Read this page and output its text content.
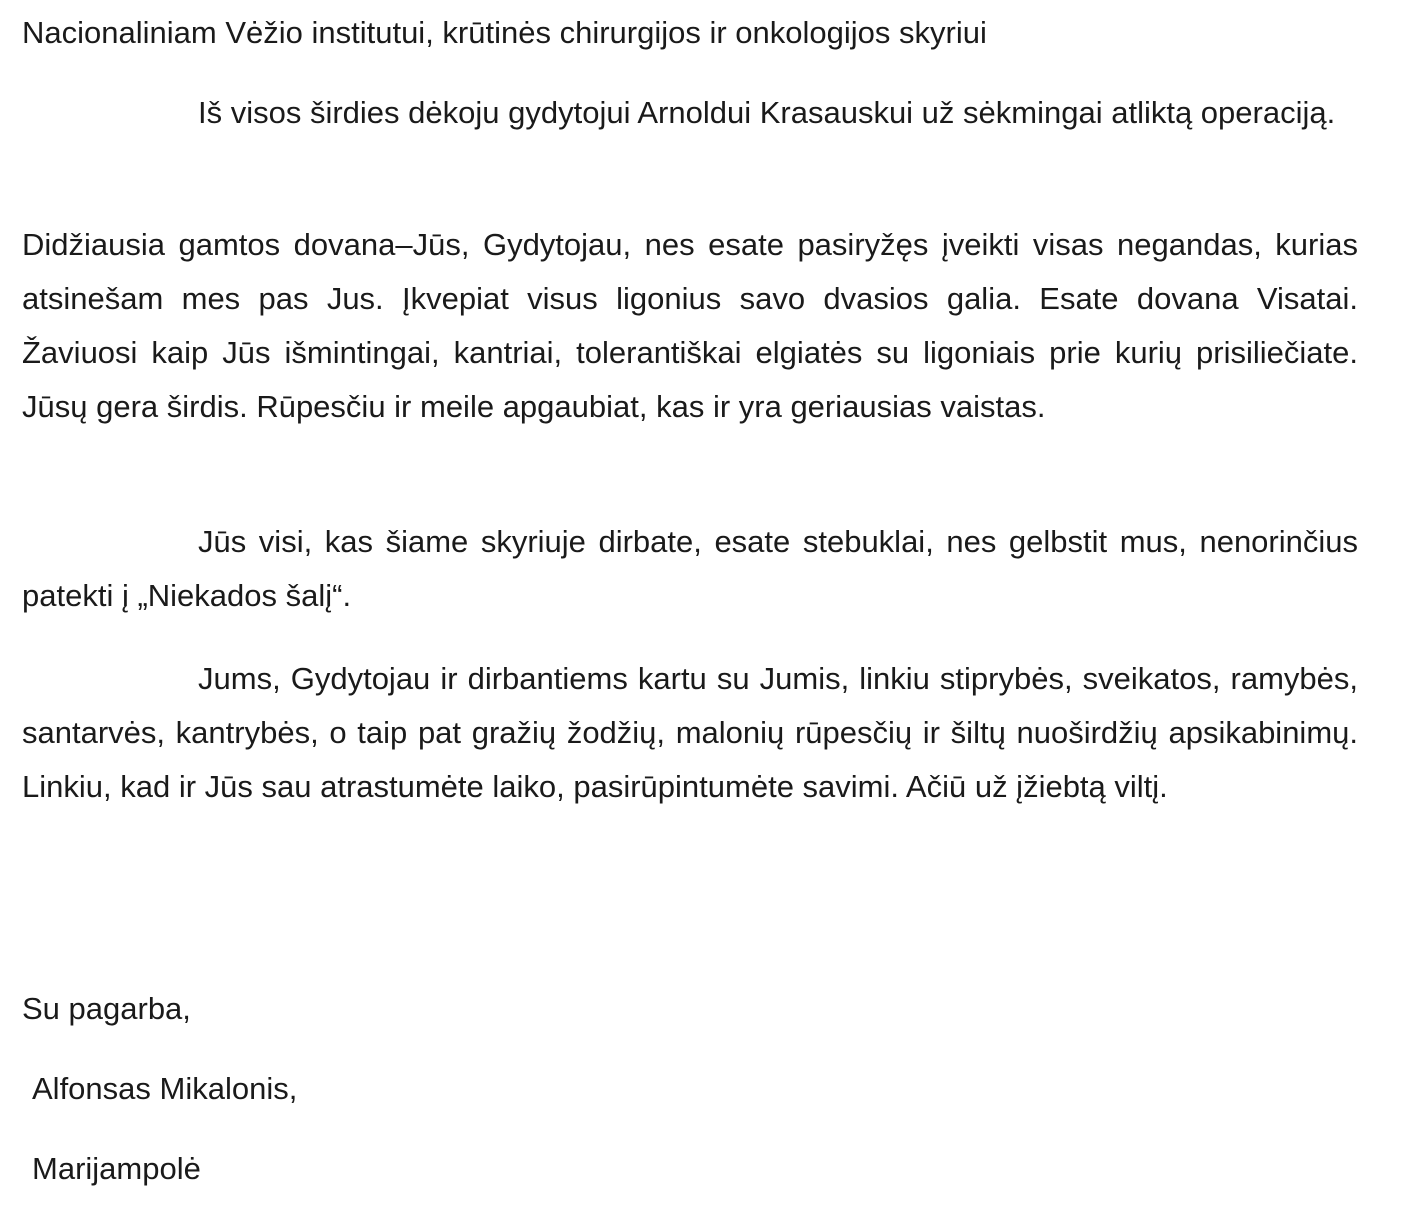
Nacionaliniam Vėžio institutui, krūtinės chirurgijos ir onkologijos skyriui
Iš visos širdies dėkoju gydytojui Arnoldui Krasauskui už sėkmingai atliktą operaciją.
Didžiausia gamtos dovana–Jūs, Gydytojau, nes esate pasiryžęs įveikti visas negandas, kurias atsinešam mes pas Jus. Įkvepiat visus ligonius savo dvasios galia. Esate dovana Visatai. Žaviuosi kaip Jūs išmintingai, kantriai, tolerantiškai elgiatės su ligoniais prie kurių prisiliečiate. Jūsų gera širdis. Rūpesčiu ir meile apgaubiat, kas ir yra geriausias vaistas.
Jūs visi, kas šiame skyriuje dirbate, esate stebuklai, nes gelbstit mus, nenorinčius patekti į „Niekados šalį“.
Jums, Gydytojau ir dirbantiems kartu su Jumis, linkiu stiprybės, sveikatos, ramybės, santarvės, kantrybės, o taip pat gražių žodžių, malonių rūpesčių ir šiltų nuoširdžių apsikabinimų. Linkiu, kad ir Jūs sau atrastumėte laiko, pasirūpintumėte savimi. Ačiū už įžiebtą viltį.
Su pagarba,
Alfonsas Mikalonis,
Marijampolė
